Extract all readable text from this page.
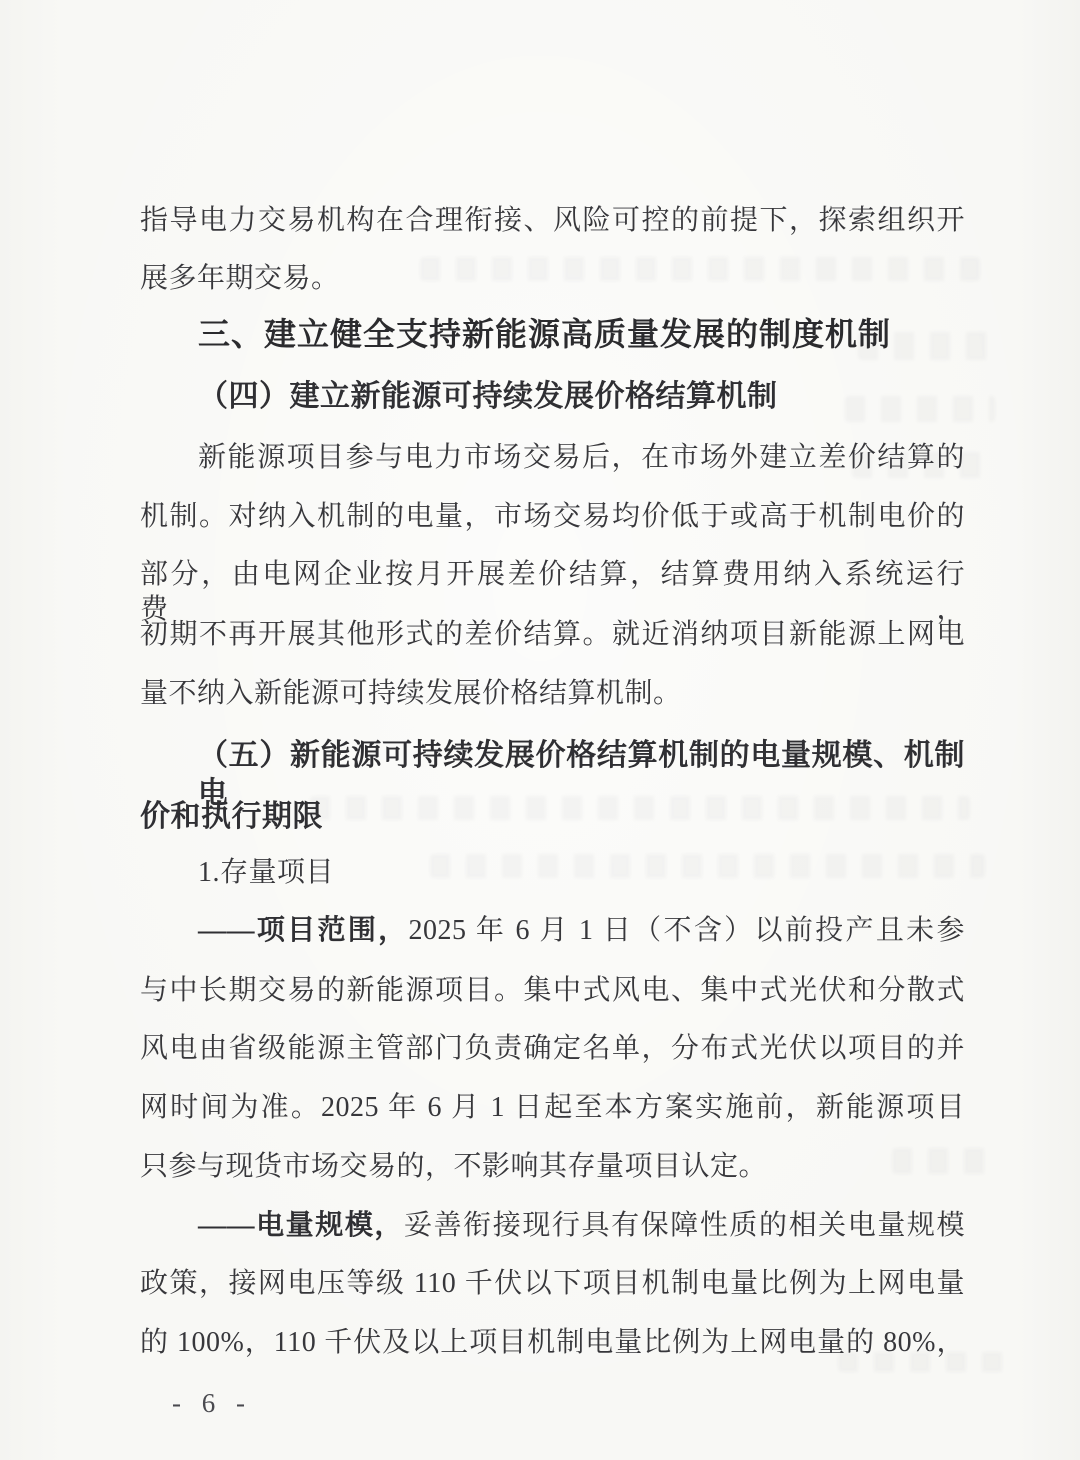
指导电力交易机构在合理衔接、风险可控的前提下，探索组织开
展多年期交易。
三、建立健全支持新能源高质量发展的制度机制
（四）建立新能源可持续发展价格结算机制
新能源项目参与电力市场交易后，在市场外建立差价结算的
机制。对纳入机制的电量，市场交易均价低于或高于机制电价的
部分，由电网企业按月开展差价结算，结算费用纳入系统运行费，
初期不再开展其他形式的差价结算。就近消纳项目新能源上网电
量不纳入新能源可持续发展价格结算机制。
（五）新能源可持续发展价格结算机制的电量规模、机制电
价和执行期限
1.存量项目
——项目范围，2025 年 6 月 1 日（不含）以前投产且未参
与中长期交易的新能源项目。集中式风电、集中式光伏和分散式
风电由省级能源主管部门负责确定名单，分布式光伏以项目的并
网时间为准。2025 年 6 月 1 日起至本方案实施前，新能源项目
只参与现货市场交易的，不影响其存量项目认定。
——电量规模，妥善衔接现行具有保障性质的相关电量规模
政策，接网电压等级 110 千伏以下项目机制电量比例为上网电量
的 100%，110 千伏及以上项目机制电量比例为上网电量的 80%，
- 6 -
